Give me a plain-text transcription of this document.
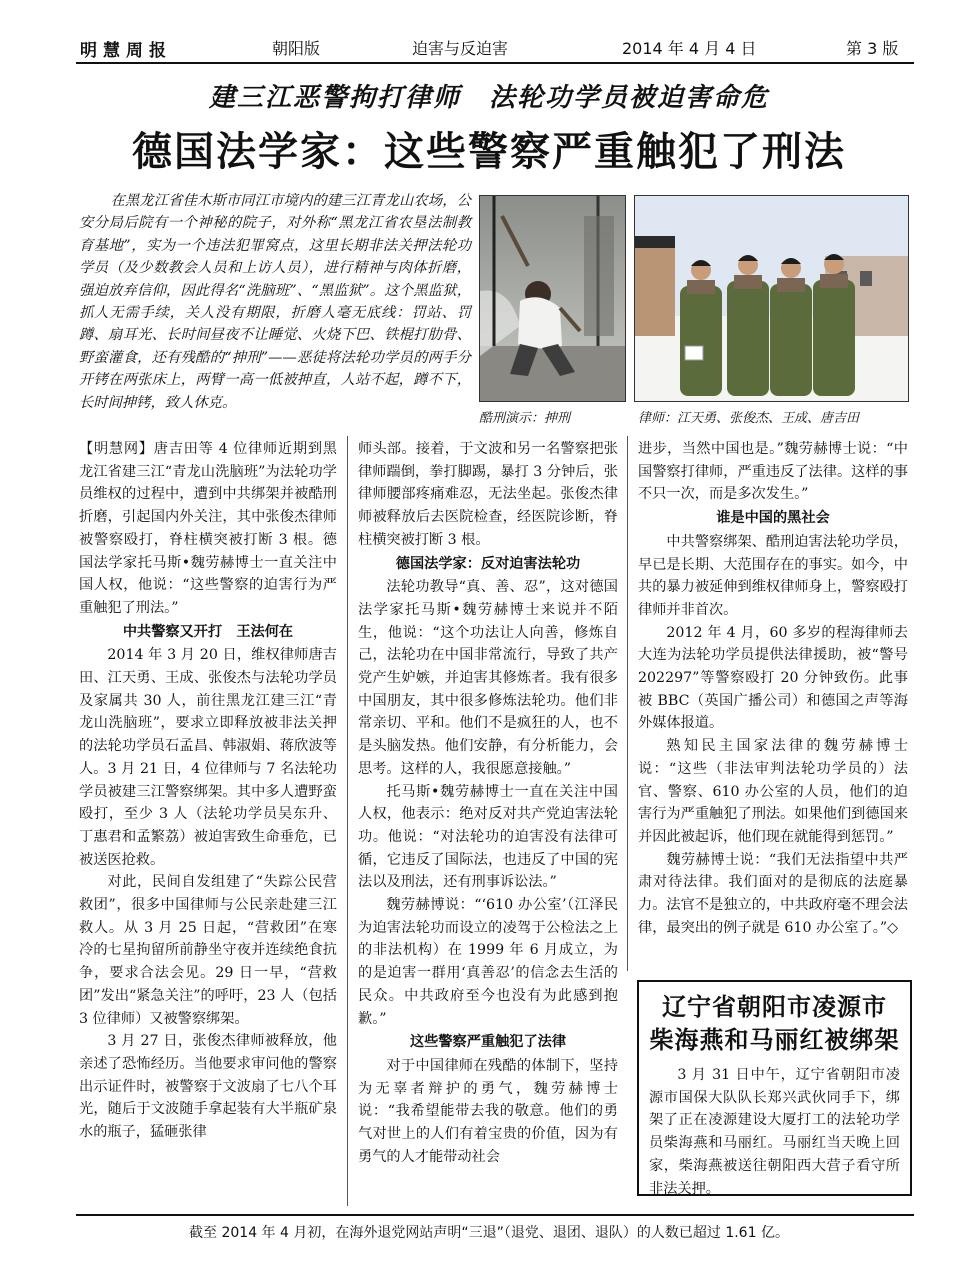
明慧周报	朝阳版	迫害与反迫害	2014 年 4 月 4 日	第 3 版
建三江恶警拘打律师　法轮功学员被迫害命危
德国法学家：这些警察严重触犯了刑法

在黑龙江省佳木斯市同江市境内的建三江青龙山农场，公安分局后院有一个神秘的院子，对外称“黑龙江省农垦法制教育基地”，实为一个违法犯罪窝点，这里长期非法关押法轮功学员（及少数教会人员和上访人员），进行精神与肉体折磨，强迫放弃信仰，因此得名“洗脑班”、“黑监狱”。这个黑监狱，抓人无需手续，关人没有期限，折磨人毫无底线：罚站、罚蹲、扇耳光、长时间昼夜不让睡觉、火烧下巴、铁棍打肋骨、野蛮灌食，还有残酷的“抻刑”——恶徒将法轮功学员的两手分开铐在两张床上，两臂一高一低被抻直，人站不起，蹲不下，长时间抻铐，致人休克。

酷刑演示：抻刑	律师：江天勇、张俊杰、王成、唐吉田

【明慧网】唐吉田等 4 位律师近期到黑龙江省建三江“青龙山洗脑班”为法轮功学员维权的过程中，遭到中共绑架并被酷刑折磨，引起国内外关注，其中张俊杰律师被警察殴打，脊柱横突被打断 3 根。德国法学家托马斯•魏劳赫博士一直关注中国人权，他说：“这些警察的迫害行为严重触犯了刑法。”

中共警察又开打　王法何在

2014 年 3 月 20 日，维权律师唐吉田、江天勇、王成、张俊杰与法轮功学员及家属共 30 人，前往黑龙江建三江“青龙山洗脑班”，要求立即释放被非法关押的法轮功学员石孟昌、韩淑娟、蒋欣波等人。3 月 21 日，4 位律师与 7 名法轮功学员被建三江警察绑架。其中多人遭野蛮殴打，至少 3 人（法轮功学员吴东升、丁惠君和孟繁荔）被迫害致生命垂危，已被送医抢救。

对此，民间自发组建了“失踪公民营救团”，很多中国律师与公民亲赴建三江救人。从 3 月 25 日起，“营救团”在寒冷的七星拘留所前静坐守夜并连续绝食抗争，要求合法会见。29 日一早，“营救团”发出“紧急关注”的呼吁，23 人（包括 3 位律师）又被警察绑架。

3 月 27 日，张俊杰律师被释放，他亲述了恐怖经历。当他要求审问他的警察出示证件时，被警察于文波扇了七八个耳光，随后于文波随手拿起装有大半瓶矿泉水的瓶子，猛砸张律

师头部。接着，于文波和另一名警察把张律师踹倒，拳打脚踢，暴打 3 分钟后，张律师腰部疼痛难忍，无法坐起。张俊杰律师被释放后去医院检查，经医院诊断，脊柱横突被打断 3 根。

德国法学家：反对迫害法轮功

法轮功教导“真、善、忍”，这对德国法学家托马斯•魏劳赫博士来说并不陌生，他说：“这个功法让人向善，修炼自己，法轮功在中国非常流行，导致了共产党产生妒嫉，并迫害其修炼者。我有很多中国朋友，其中很多修炼法轮功。他们非常亲切、平和。他们不是疯狂的人，也不是头脑发热。他们安静，有分析能力，会思考。这样的人，我很愿意接触。”

托马斯•魏劳赫博士一直在关注中国人权，他表示：绝对反对共产党迫害法轮功。他说：“对法轮功的迫害没有法律可循，它违反了国际法，也违反了中国的宪法以及刑法，还有刑事诉讼法。”

魏劳赫博说：“‘610 办公室’（江泽民为迫害法轮功而设立的凌驾于公检法之上的非法机构）在 1999 年 6 月成立，为的是迫害一群用‘真善忍’的信念去生活的民众。中共政府至今也没有为此感到抱歉。”

这些警察严重触犯了法律

对于中国律师在残酷的体制下，坚持为无辜者辩护的勇气，魏劳赫博士说：“我希望能带去我的敬意。他们的勇气对世上的人们有着宝贵的价值，因为有勇气的人才能带动社会

进步，当然中国也是。”魏劳赫博士说：“中国警察打律师，严重违反了法律。这样的事不只一次，而是多次发生。”

谁是中国的黑社会

中共警察绑架、酷刑迫害法轮功学员，早已是长期、大范围存在的事实。如今，中共的暴力被延伸到维权律师身上，警察殴打律师并非首次。

2012 年 4 月，60 多岁的程海律师去大连为法轮功学员提供法律援助，被“警号 202297”等警察殴打 20 分钟致伤。此事被 BBC（英国广播公司）和德国之声等海外媒体报道。

熟知民主国家法律的魏劳赫博士说：“这些（非法审判法轮功学员的）法官、警察、610 办公室的人员，他们的迫害行为严重触犯了刑法。如果他们到德国来并因此被起诉，他们现在就能得到惩罚。”

魏劳赫博士说：“我们无法指望中共严肃对待法律。我们面对的是彻底的法庭暴力。法官不是独立的，中共政府毫不理会法律，最突出的例子就是 610 办公室了。”◇

辽宁省朝阳市凌源市
柴海燕和马丽红被绑架

3 月 31 日中午，辽宁省朝阳市凌源市国保大队队长郑兴武伙同手下，绑架了正在凌源建设大厦打工的法轮功学员柴海燕和马丽红。马丽红当天晚上回家，柴海燕被送往朝阳西大营子看守所非法关押。

截至 2014 年 4 月初，在海外退党网站声明“三退”（退党、退团、退队）的人数已超过 1.61 亿。
